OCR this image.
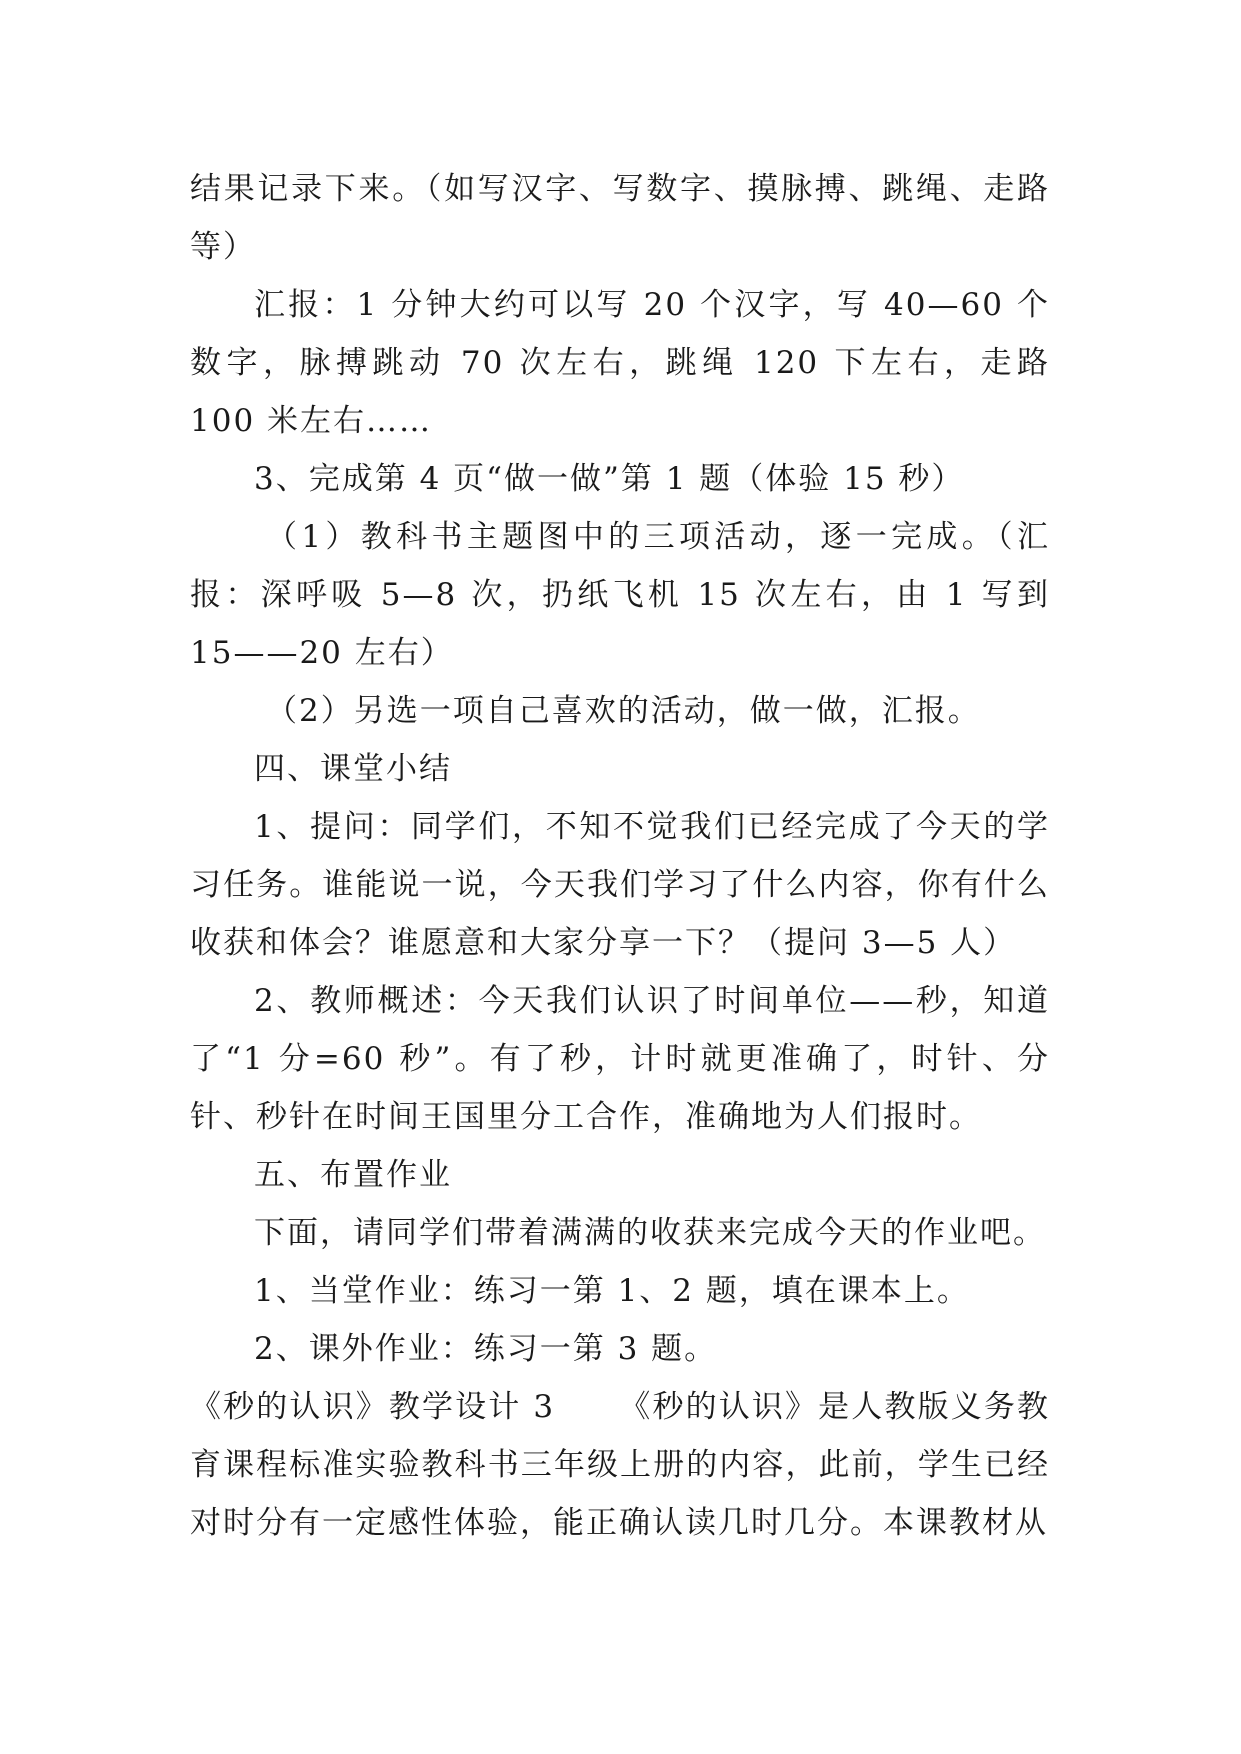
结果记录下来。（如写汉字、写数字、摸脉搏、跳绳、走路等）

汇报：1 分钟大约可以写 20 个汉字，写 40—60 个数字，脉搏跳动 70 次左右，跳绳 120 下左右，走路 100 米左右……

3、完成第 4 页“做一做”第 1 题（体验 15 秒）

（1）教科书主题图中的三项活动，逐一完成。（汇报：深呼吸 5—8 次，扔纸飞机 15 次左右，由 1 写到 15——20 左右）

（2）另选一项自己喜欢的活动，做一做，汇报。

四、课堂小结

1、提问：同学们，不知不觉我们已经完成了今天的学习任务。谁能说一说，今天我们学习了什么内容，你有什么收获和体会？谁愿意和大家分享一下？（提问 3—5 人）

2、教师概述：今天我们认识了时间单位——秒，知道了“1 分=60 秒”。有了秒，计时就更准确了，时针、分针、秒针在时间王国里分工合作，准确地为人们报时。

五、布置作业

下面，请同学们带着满满的收获来完成今天的作业吧。

1、当堂作业：练习一第 1、2 题，填在课本上。

2、课外作业：练习一第 3 题。

《秒的认识》教学设计 3 《秒的认识》是人教版义务教育课程标准实验教科书三年级上册的内容，此前，学生已经对时分有一定感性体验，能正确认读几时几分。本课教材从
